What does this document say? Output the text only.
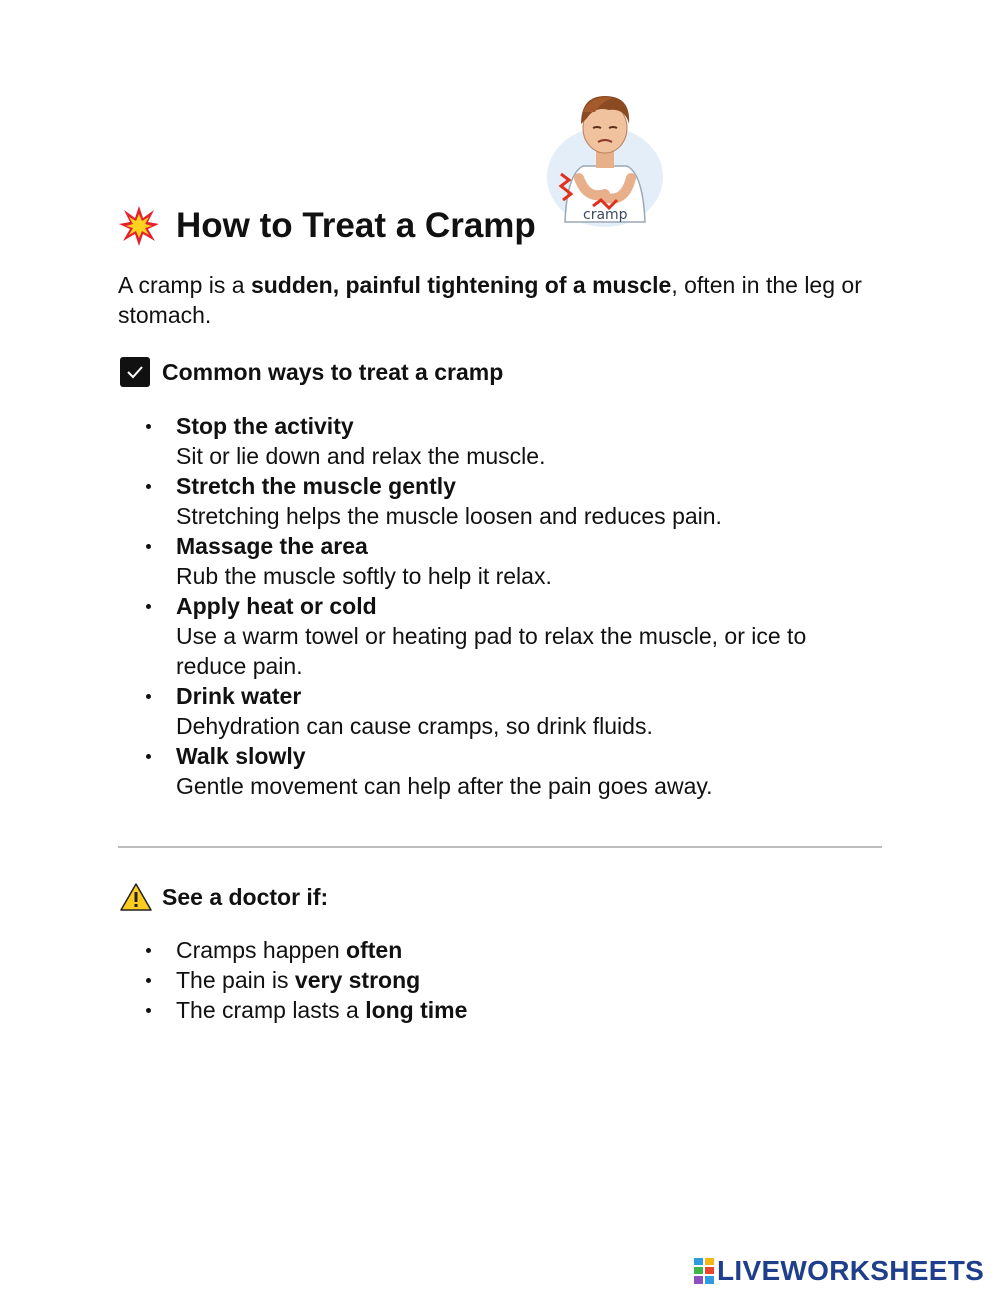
cramp
How to Treat a Cramp

A cramp is a sudden, painful tightening of a muscle, often in the leg or stomach.

Common ways to treat a cramp
Stop the activity
Sit or lie down and relax the muscle.
Stretch the muscle gently
Stretching helps the muscle loosen and reduces pain.
Massage the area
Rub the muscle softly to help it relax.
Apply heat or cold
Use a warm towel or heating pad to relax the muscle, or ice to reduce pain.
Drink water
Dehydration can cause cramps, so drink fluids.
Walk slowly
Gentle movement can help after the pain goes away.
See a doctor if:
Cramps happen often
The pain is very strong
The cramp lasts a long time
LIVEWORKSHEETS
